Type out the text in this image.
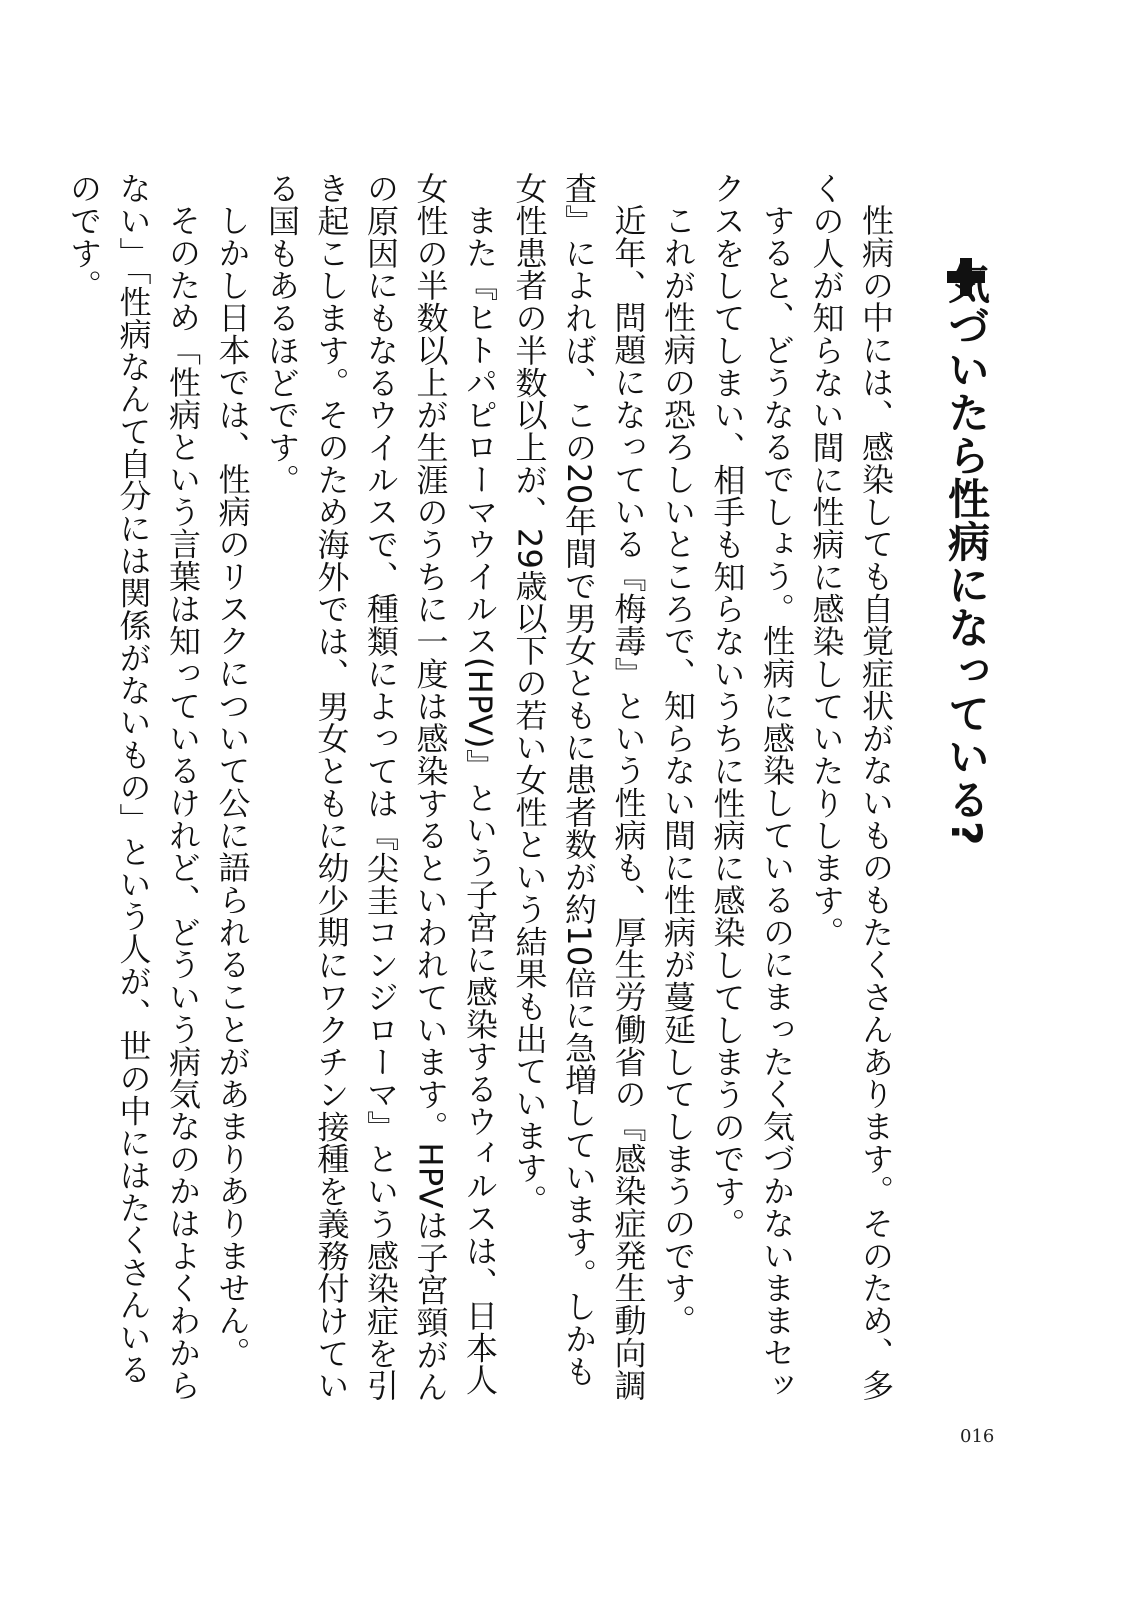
気づいたら性病になっている?

性病の中には、感染しても自覚症状がないものもたくさんあります。そのため、多くの人が知らない間に性病に感染していたりします。

すると、どうなるでしょう。性病に感染しているのにまったく気づかないままセックスをしてしまい、相手も知らないうちに性病に感染してしまうのです。

これが性病の恐ろしいところで、知らない間に性病が蔓延してしまうのです。

近年、問題になっている『梅毒』という性病も、厚生労働省の『感染症発生動向調査』によれば、この20年間で男女ともに患者数が約10倍に急増しています。しかも女性患者の半数以上が、29歳以下の若い女性という結果も出ています。

また『ヒトパピローマウイルス(HPV)』という子宮に感染するウィルスは、日本人女性の半数以上が生涯のうちに一度は感染するといわれています。HPVは子宮頸がんの原因にもなるウイルスで、種類によっては『尖圭コンジローマ』という感染症を引き起こします。そのため海外では、男女ともに幼少期にワクチン接種を義務付けている国もあるほどです。

しかし日本では、性病のリスクについて公に語られることがあまりありません。

そのため「性病という言葉は知っているけれど、どういう病気なのかはよくわからない」「性病なんて自分には関係がないもの」という人が、世の中にはたくさんいるのです。

016
